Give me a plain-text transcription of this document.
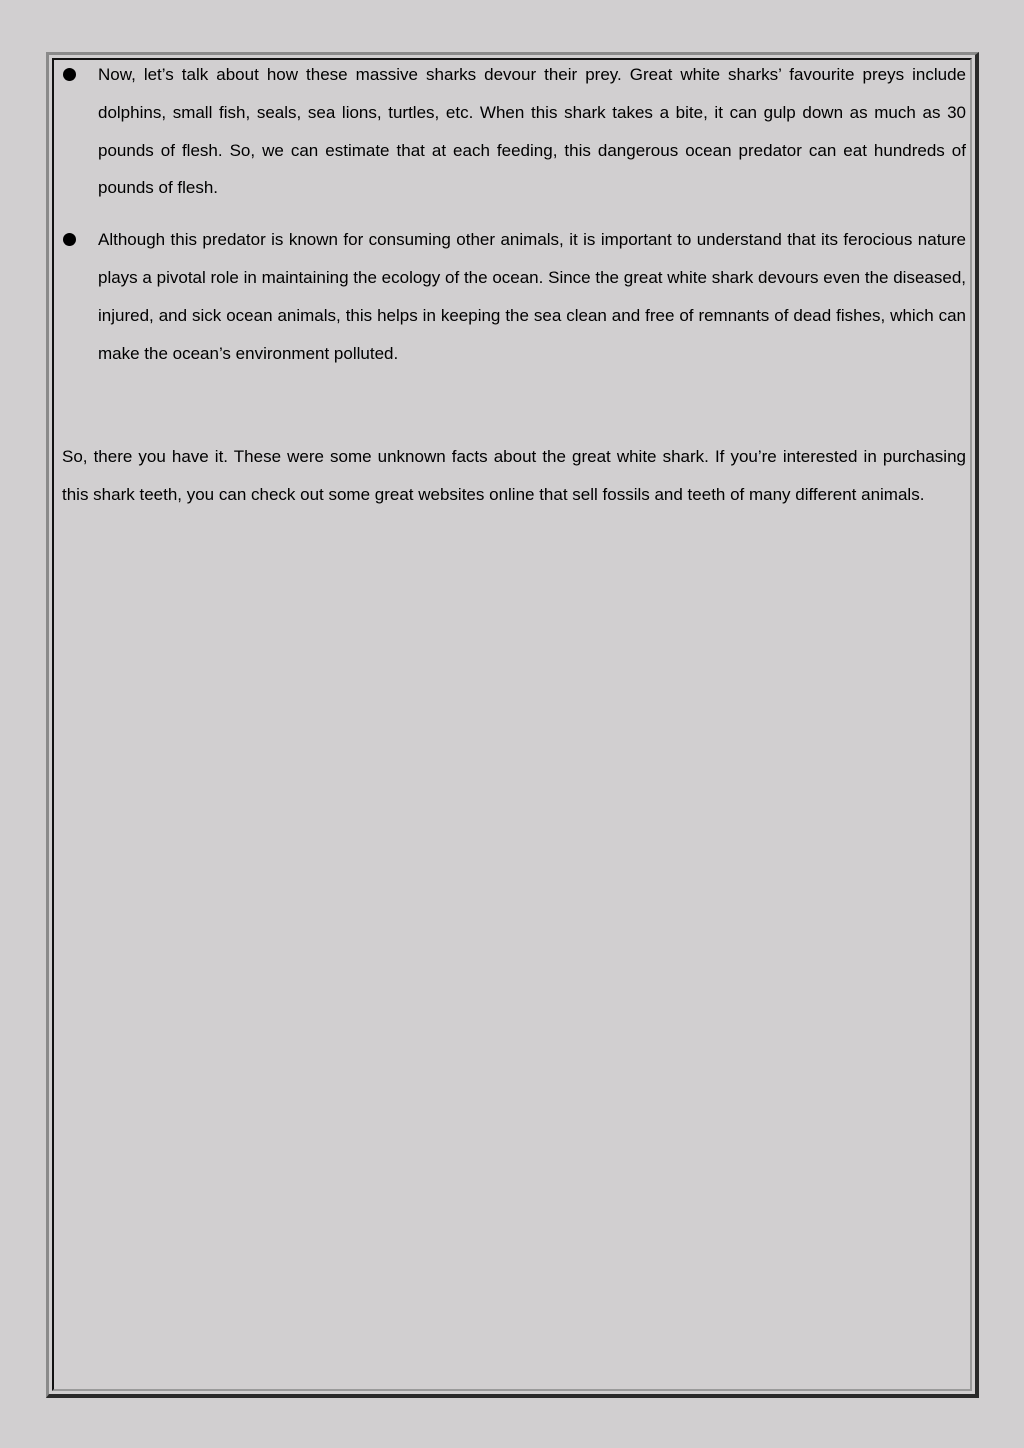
Now, let’s talk about how these massive sharks devour their prey. Great white sharks’ favourite preys include dolphins, small fish, seals, sea lions, turtles, etc. When this shark takes a bite, it can gulp down as much as 30 pounds of flesh. So, we can estimate that at each feeding, this dangerous ocean predator can eat hundreds of pounds of flesh.
Although this predator is known for consuming other animals, it is important to understand that its ferocious nature plays a pivotal role in maintaining the ecology of the ocean. Since the great white shark devours even the diseased, injured, and sick ocean animals, this helps in keeping the sea clean and free of remnants of dead fishes, which can make the ocean’s environment polluted.

So, there you have it. These were some unknown facts about the great white shark. If you’re interested in purchasing this shark teeth, you can check out some great websites online that sell fossils and teeth of many different animals.
